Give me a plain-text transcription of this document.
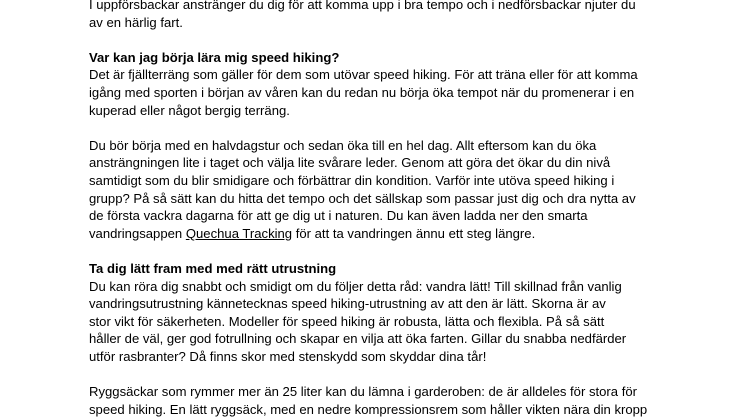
I uppförsbackar anstränger du dig för att komma upp i bra tempo och i nedförsbackar njuter du
av en härlig fart.
Var kan jag börja lära mig speed hiking?
Det är fjällterräng som gäller för dem som utövar speed hiking. För att träna eller för att komma
igång med sporten i början av våren kan du redan nu börja öka tempot när du promenerar i en
kuperad eller något bergig terräng.
Du bör börja med en halvdagstur och sedan öka till en hel dag. Allt eftersom kan du öka
ansträngningen lite i taget och välja lite svårare leder. Genom att göra det ökar du din nivå
samtidigt som du blir smidigare och förbättrar din kondition. Varför inte utöva speed hiking i
grupp? På så sätt kan du hitta det tempo och det sällskap som passar just dig och dra nytta av
de första vackra dagarna för att ge dig ut i naturen. Du kan även ladda ner den smarta
vandringsappen Quechua Tracking för att ta vandringen ännu ett steg längre.
Ta dig lätt fram med med rätt utrustning
Du kan röra dig snabbt och smidigt om du följer detta råd: vandra lätt! Till skillnad från vanlig
vandringsutrustning kännetecknas speed hiking-utrustning av att den är lätt. Skorna är av
stor vikt för säkerheten. Modeller för speed hiking är robusta, lätta och flexibla. På så sätt
håller de väl, ger god fotrullning och skapar en vilja att öka farten. Gillar du snabba nedfärder
utför rasbranter? Då finns skor med stenskydd som skyddar dina tår!
Ryggsäckar som rymmer mer än 25 liter kan du lämna i garderoben: de är alldeles för stora för
speed hiking. En lätt ryggsäck, med en nedre kompressionsrem som håller vikten nära din kropp
